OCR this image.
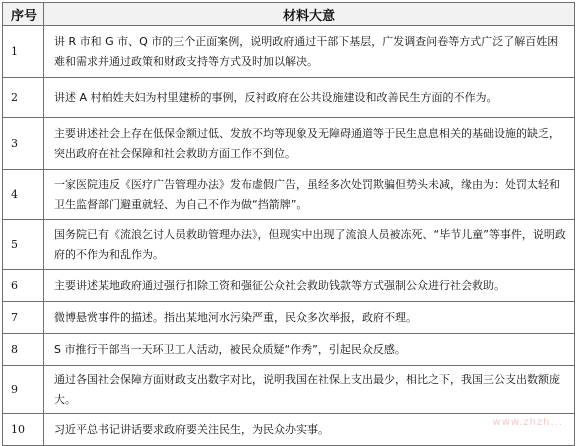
序号	材料大意
1	讲 R 市和 G 市、Q 市的三个正面案例，说明政府通过干部下基层，广发调查问卷等方式广泛了解百姓困难和需求并通过政策和财政支持等方式及时加以解决。
2	讲述 A 村柏姓夫妇为村里建桥的事例，反衬政府在公共设施建设和改善民生方面的不作为。
3	主要讲述社会上存在低保金额过低、发放不均等现象及无障碍通道等于民生息息相关的基础设施的缺乏，突出政府在社会保障和社会救助方面工作不到位。
4	一家医院违反《医疗广告管理办法》发布虚假广告，虽经多次处罚欺骗但势头未减，缘由为：处罚太轻和卫生监督部门避重就轻、为自己不作为做“挡箭牌”。
5	国务院已有《流浪乞讨人员救助管理办法》，但现实中出现了流浪人员被冻死、“毕节儿童”等事件，说明政府的不作为和乱作为。
6	主要讲述某地政府通过强行扣除工资和强征公众社会救助钱款等方式强制公众进行社会救助。
7	微博悬赏事件的描述。指出某地河水污染严重，民众多次举报，政府不理。
8	S 市推行干部当一天环卫工人活动，被民众质疑“作秀”，引起民众反感。
9	通过各国社会保障方面财政支出数字对比，说明我国在社保上支出最少，相比之下，我国三公支出数额庞大。
10	习近平总书记讲话要求政府要关注民生，为民众办实事。	www.zhzh...
